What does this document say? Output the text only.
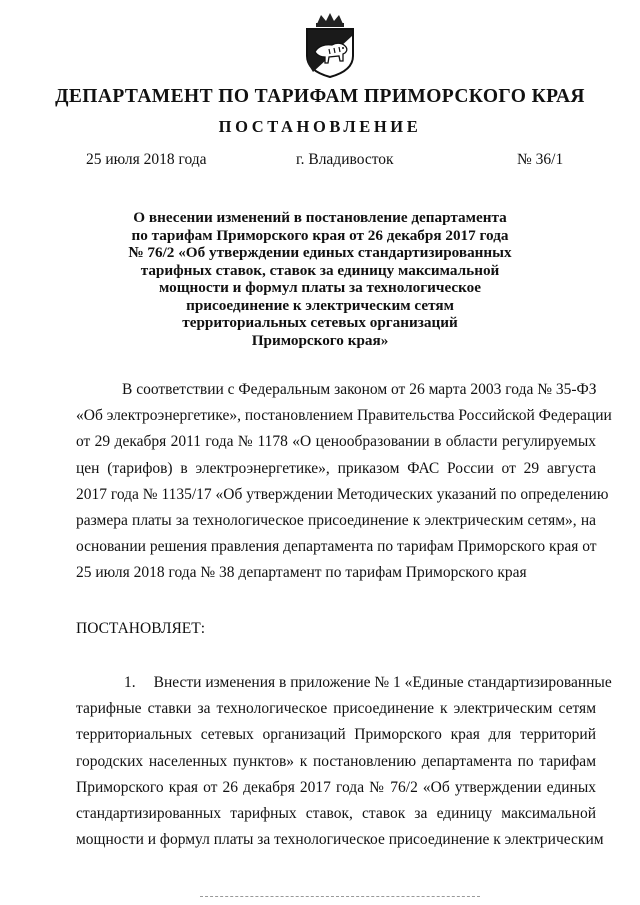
ДЕПАРТАМЕНТ ПО ТАРИФАМ ПРИМОРСКОГО КРАЯ
ПОСТАНОВЛЕНИЕ
25 июля 2018 года	г. Владивосток	№ 36/1

О внесении изменений в постановление департамента
по тарифам Приморского края от 26 декабря 2017 года
№ 76/2 «Об утверждении единых стандартизированных
тарифных ставок, ставок за единицу максимальной
мощности и формул платы за технологическое
присоединение к электрическим сетям
территориальных сетевых организаций
Приморского края»

В соответствии с Федеральным законом от 26 марта 2003 года № 35-ФЗ
«Об электроэнергетике», постановлением Правительства Российской Федерации
от 29 декабря 2011 года № 1178 «О ценообразовании в области регулируемых
цен (тарифов) в электроэнергетике», приказом ФАС России от 29 августа
2017 года № 1135/17 «Об утверждении Методических указаний по определению
размера платы за технологическое присоединение к электрическим сетям», на
основании решения правления департамента по тарифам Приморского края от
25 июля 2018 года № 38 департамент по тарифам Приморского края

ПОСТАНОВЛЯЕТ:

1. Внести изменения в приложение № 1 «Единые стандартизированные
тарифные ставки за технологическое присоединение к электрическим сетям
территориальных сетевых организаций Приморского края для территорий
городских населенных пунктов» к постановлению департамента по тарифам
Приморского края от 26 декабря 2017 года № 76/2 «Об утверждении единых
стандартизированных тарифных ставок, ставок за единицу максимальной
мощности и формул платы за технологическое присоединение к электрическим
